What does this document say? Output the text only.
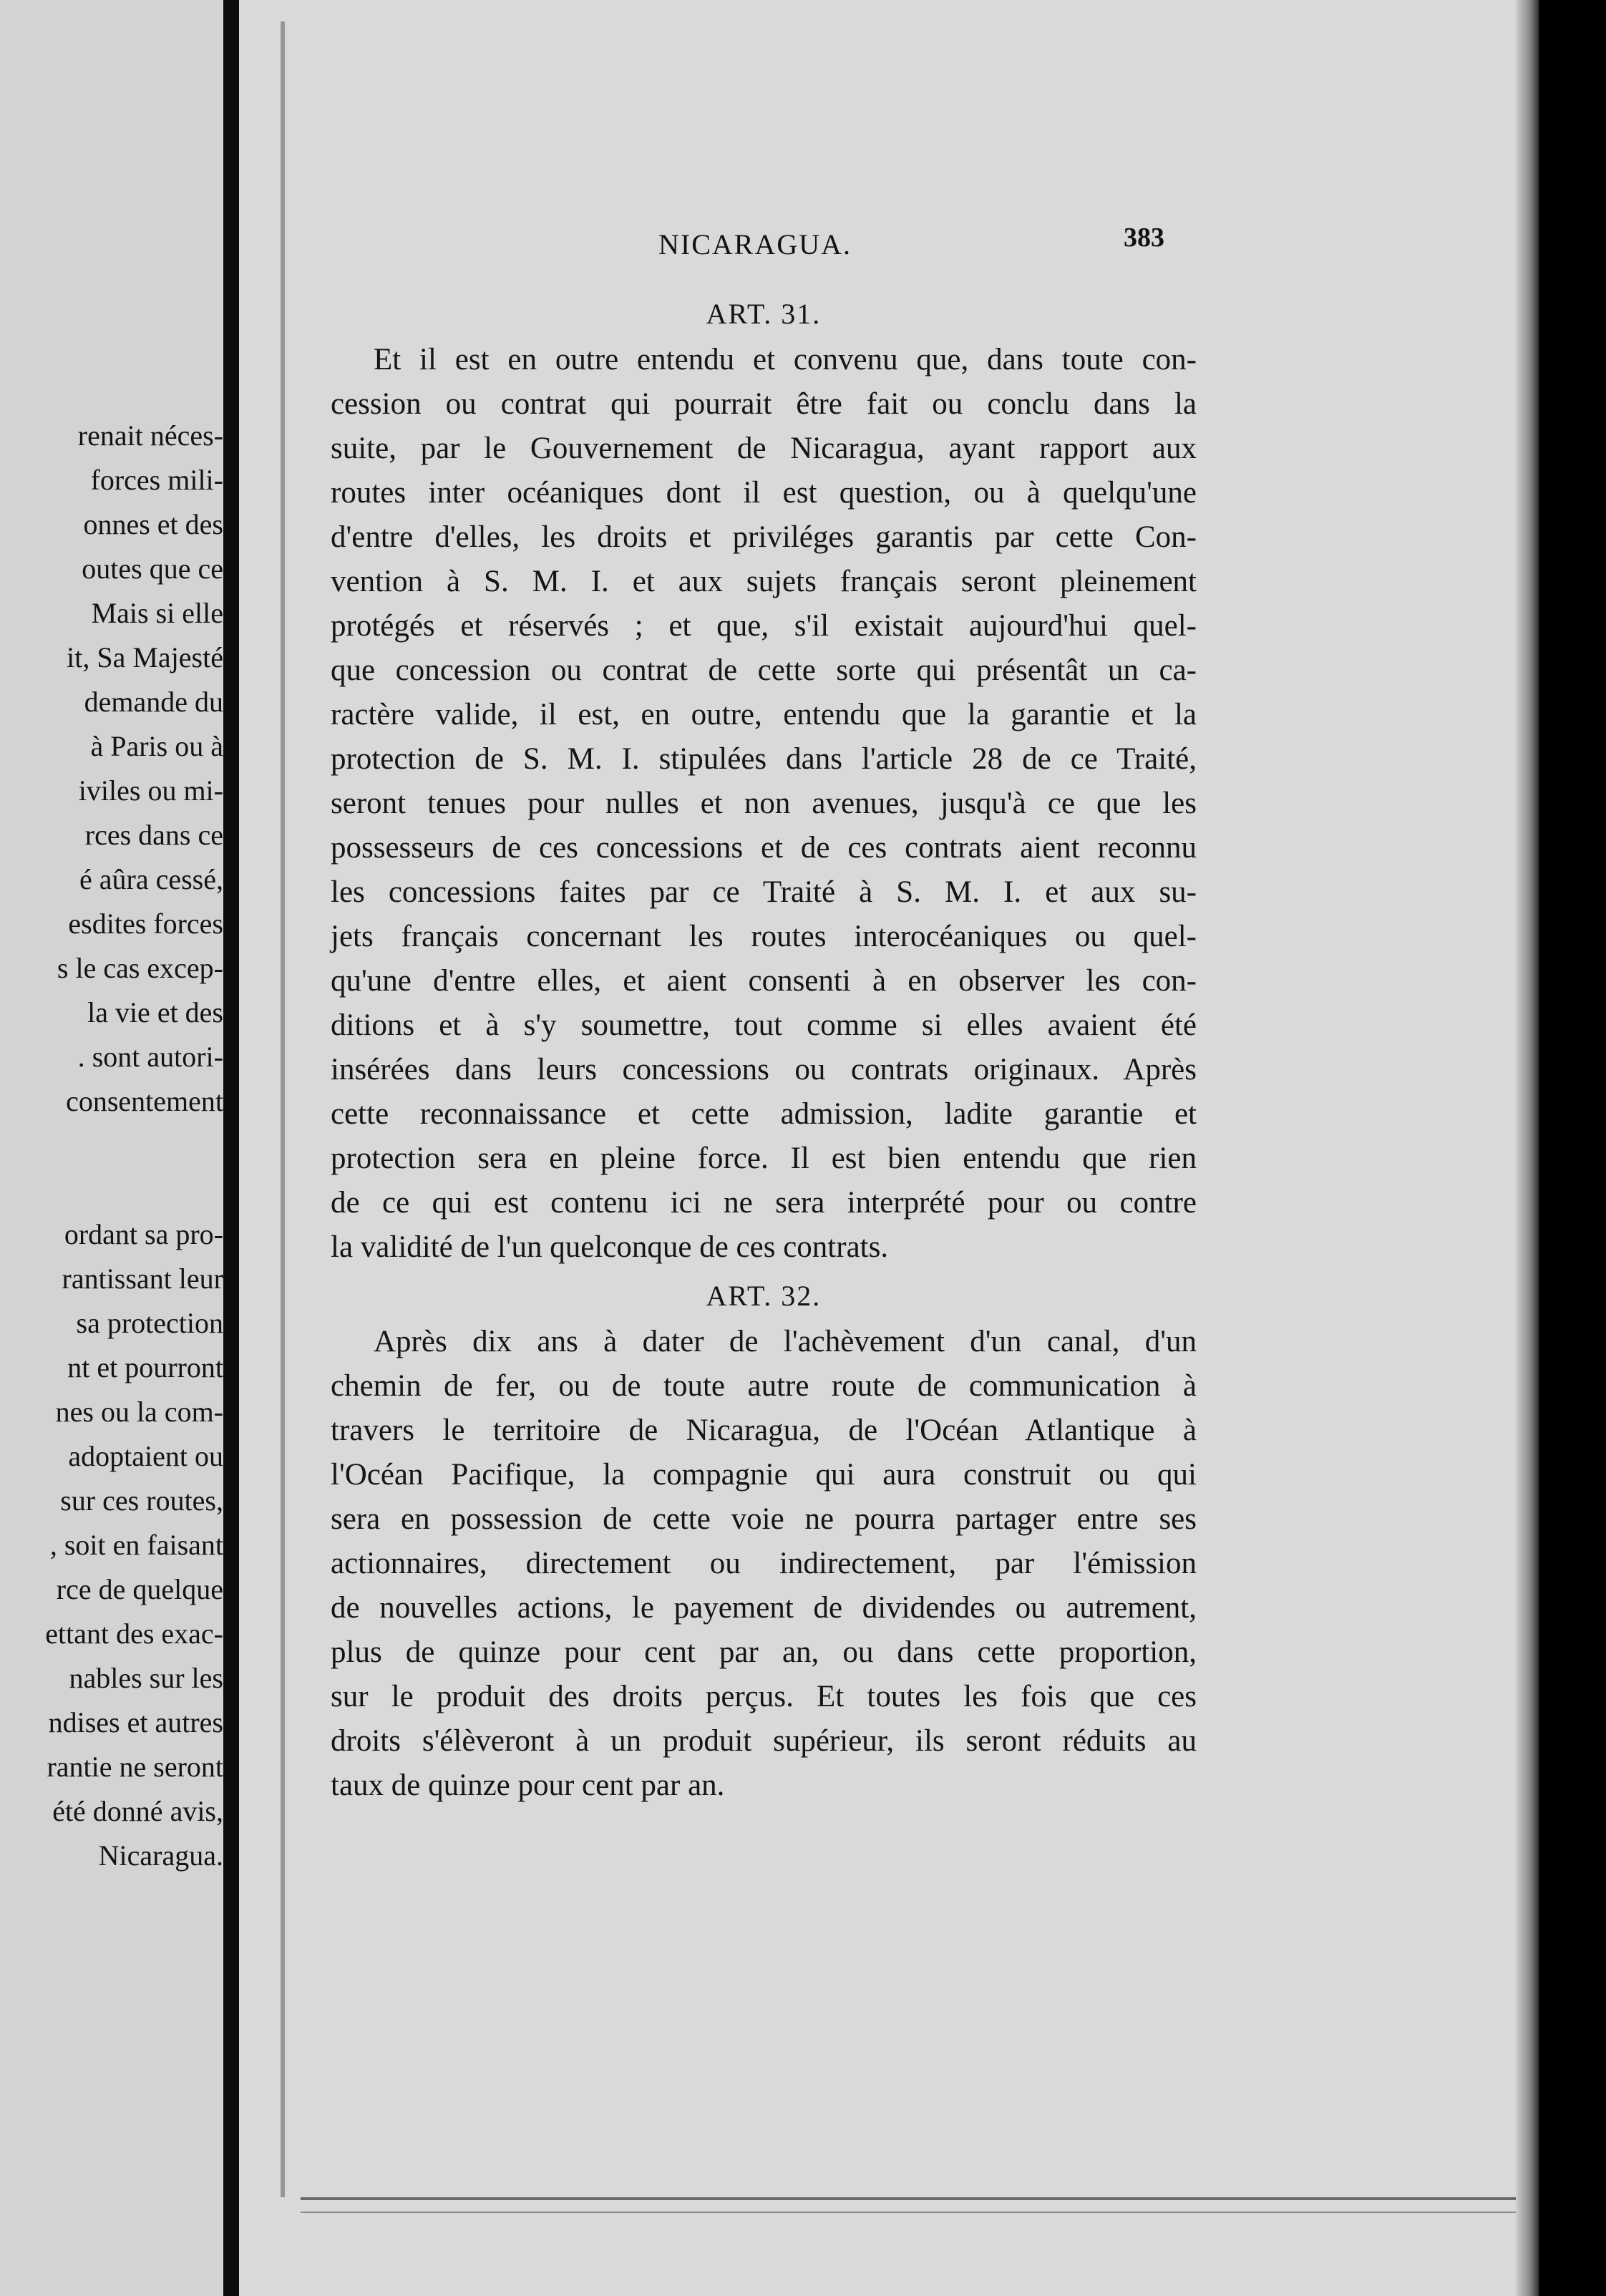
renait néces-
forces mili-
onnes et des
outes que ce
Mais si elle
it, Sa Majesté
demande du
à Paris ou à
iviles ou mi-
rces dans ce
é aûra cessé,
esdites forces
s le cas excep-
la vie et des
. sont autori-
consentement
ordant sa pro-
rantissant leur
sa protection
nt et pourront
nes ou la com-
adoptaient ou
sur ces routes,
, soit en faisant
rce de quelque
ettant des exac-
nables sur les
ndises et autres
rantie ne seront
été donné avis,
Nicaragua.
NICARAGUA.	383
ART. 31.
Et il est en outre entendu et convenu que, dans toute con-
cession ou contrat qui pourrait être fait ou conclu dans la
suite, par le Gouvernement de Nicaragua, ayant rapport aux
routes inter océaniques dont il est question, ou à quelqu'une
d'entre d'elles, les droits et priviléges garantis par cette Con-
vention à S. M. I. et aux sujets français seront pleinement
protégés et réservés ; et que, s'il existait aujourd'hui quel-
que concession ou contrat de cette sorte qui présentât un ca-
ractère valide, il est, en outre, entendu que la garantie et la
protection de S. M. I. stipulées dans l'article 28 de ce Traité,
seront tenues pour nulles et non avenues, jusqu'à ce que les
possesseurs de ces concessions et de ces contrats aient reconnu
les concessions faites par ce Traité à S. M. I. et aux su-
jets français concernant les routes interocéaniques ou quel-
qu'une d'entre elles, et aient consenti à en observer les con-
ditions et à s'y soumettre, tout comme si elles avaient été
insérées dans leurs concessions ou contrats originaux. Après
cette reconnaissance et cette admission, ladite garantie et
protection sera en pleine force. Il est bien entendu que rien
de ce qui est contenu ici ne sera interprété pour ou contre
la validité de l'un quelconque de ces contrats.
ART. 32.
Après dix ans à dater de l'achèvement d'un canal, d'un
chemin de fer, ou de toute autre route de communication à
travers le territoire de Nicaragua, de l'Océan Atlantique à
l'Océan Pacifique, la compagnie qui aura construit ou qui
sera en possession de cette voie ne pourra partager entre ses
actionnaires, directement ou indirectement, par l'émission
de nouvelles actions, le payement de dividendes ou autrement,
plus de quinze pour cent par an, ou dans cette proportion,
sur le produit des droits perçus. Et toutes les fois que ces
droits s'élèveront à un produit supérieur, ils seront réduits au
taux de quinze pour cent par an.
